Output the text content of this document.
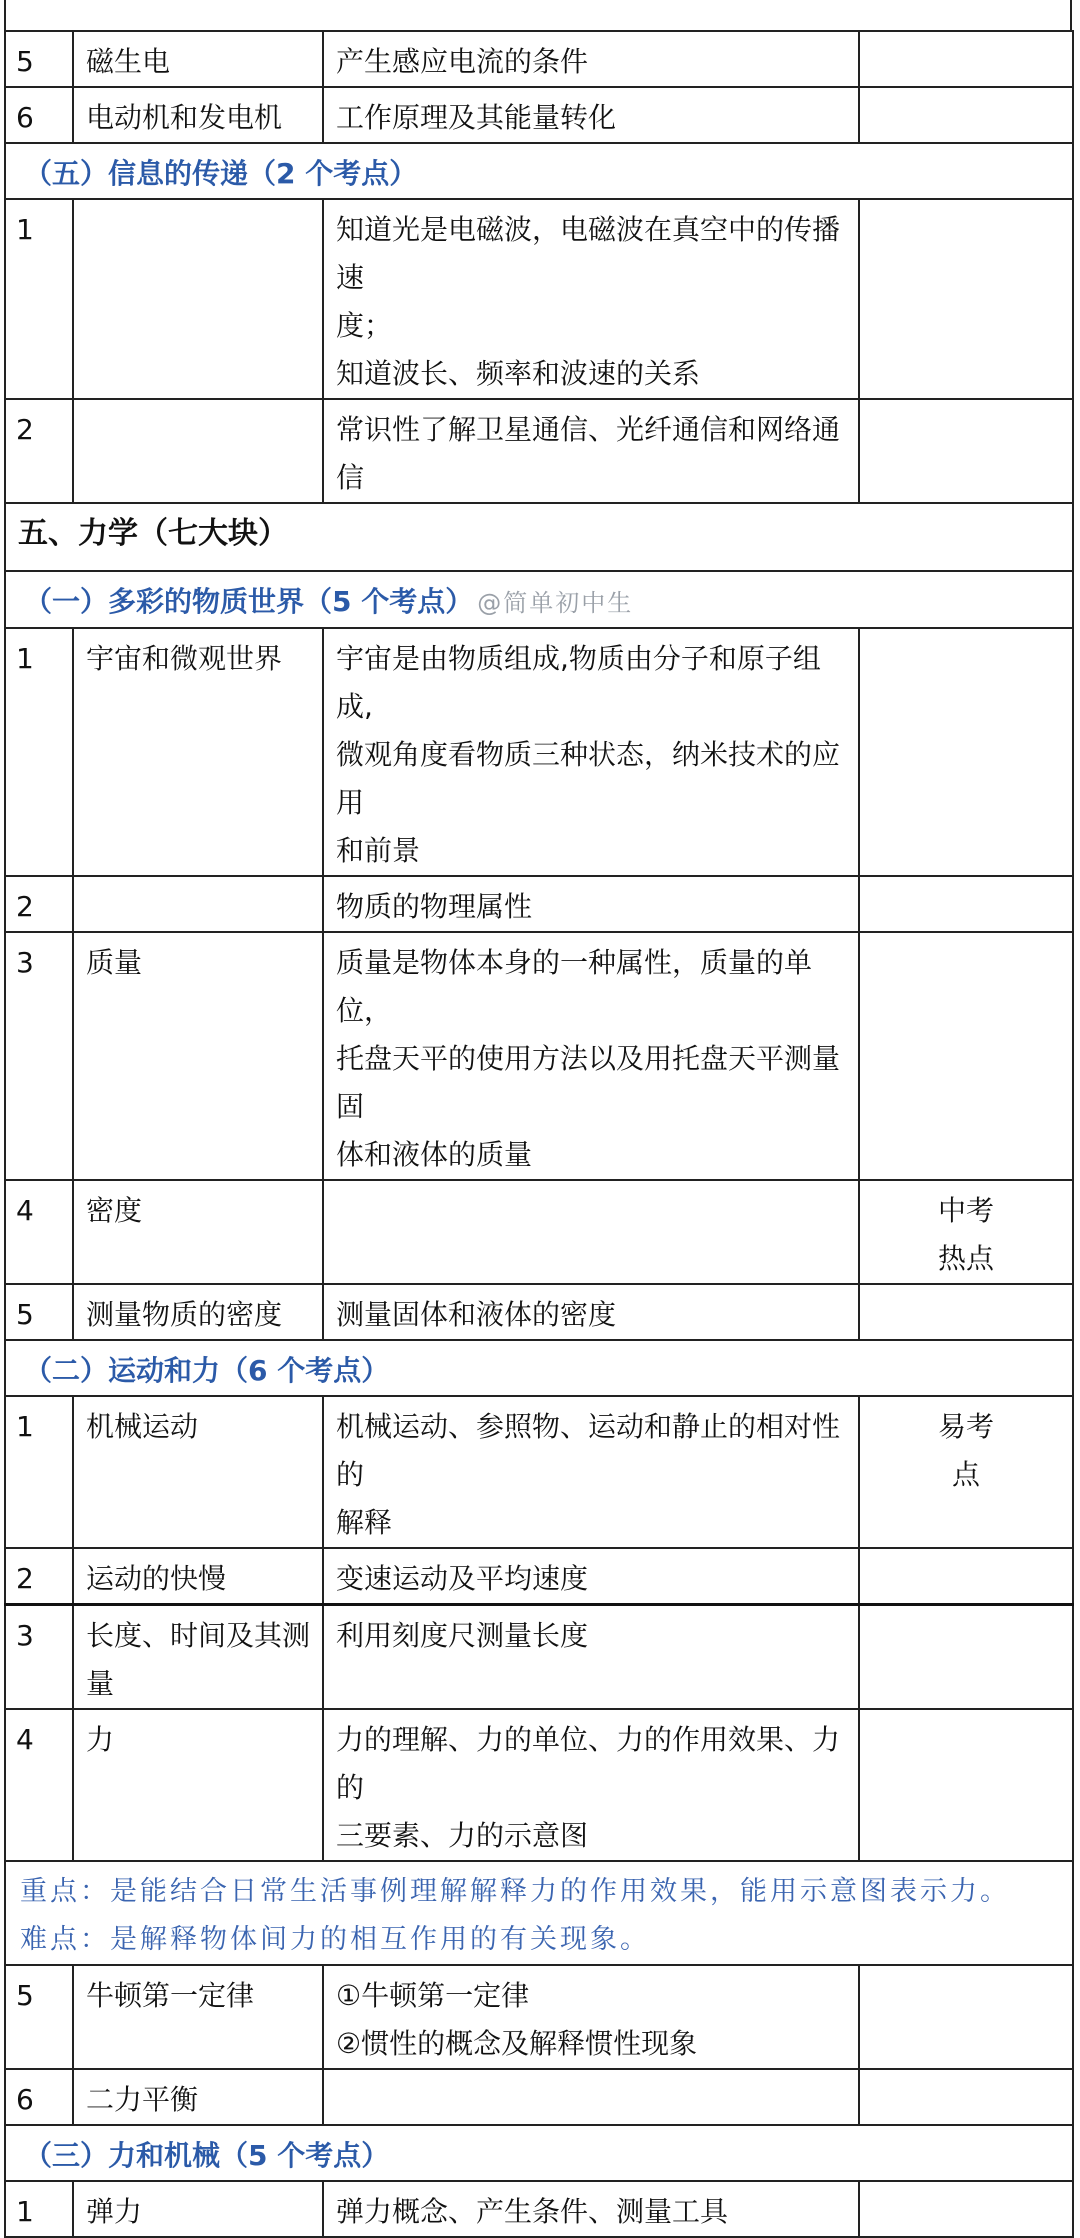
5	磁生电	产生感应电流的条件	

6	电动机和发电机	工作原理及其能量转化	

（五）信息的传递（2 个考点）			
1		知道光是电磁波，电磁波在真空中的传播速
度；
知道波长、频率和波速的关系	

2		常识性了解卫星通信、光纤通信和网络通信	

五、力学（七大块）			
（一）多彩的物质世界（5 个考点） @简单初中生			
1	宇宙和微观世界	宇宙是由物质组成,物质由分子和原子组成,
微观角度看物质三种状态，纳米技术的应用
和前景	

2		物质的物理属性	

3	质量	质量是物体本身的一种属性，质量的单位，
托盘天平的使用方法以及用托盘天平测量固
体和液体的质量	

4	密度		中考
热点

5	测量物质的密度	测量固体和液体的密度	

（二）运动和力（6 个考点）			
1	机械运动	机械运动、参照物、运动和静止的相对性的
解释	易考
点

2	运动的快慢	变速运动及平均速度	

3	长度、时间及其测量	利用刻度尺测量长度	

4	力	力的理解、力的单位、力的作用效果、力的
三要素、力的示意图	

重点：是能结合日常生活事例理解解释力的作用效果，能用示意图表示力。
难点：是解释物体间力的相互作用的有关现象。			

5	牛顿第一定律	①牛顿第一定律
②惯性的概念及解释惯性现象	

6	二力平衡		
（三）力和机械（5 个考点）			
1	弹力	弹力概念、产生条件、测量工具	
